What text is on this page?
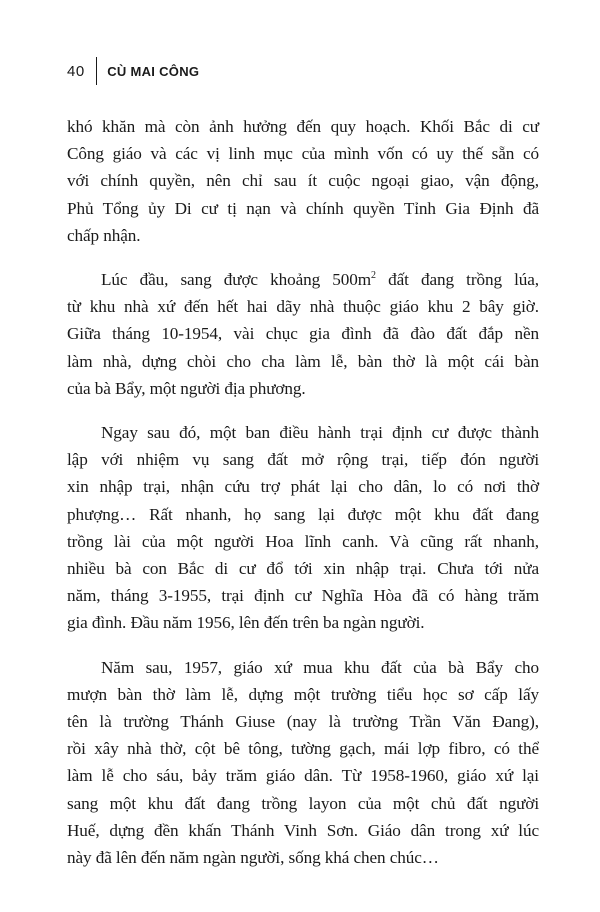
40 CÙ MAI CÔNG
khó khăn mà còn ảnh hưởng đến quy hoạch. Khối Bắc di cư
Công giáo và các vị linh mục của mình vốn có uy thế sẵn có
với chính quyền, nên chỉ sau ít cuộc ngoại giao, vận động,
Phủ Tổng ủy Di cư tị nạn và chính quyền Tỉnh Gia Định đã
chấp nhận.
Lúc đầu, sang được khoảng $500m^2$ đất đang trồng lúa,
từ khu nhà xứ đến hết hai dãy nhà thuộc giáo khu 2 bây giờ.
Giữa tháng 10-1954, vài chục gia đình đã đào đất đắp nền
làm nhà, dựng chòi cho cha làm lễ, bàn thờ là một cái bàn
của bà Bẩy, một người địa phương.
Ngay sau đó, một ban điều hành trại định cư được thành
lập với nhiệm vụ sang đất mở rộng trại, tiếp đón người
xin nhập trại, nhận cứu trợ phát lại cho dân, lo có nơi thờ
phượng… Rất nhanh, họ sang lại được một khu đất đang
trồng lài của một người Hoa lĩnh canh. Và cũng rất nhanh,
nhiều bà con Bắc di cư đổ tới xin nhập trại. Chưa tới nửa
năm, tháng 3-1955, trại định cư Nghĩa Hòa đã có hàng trăm
gia đình. Đầu năm 1956, lên đến trên ba ngàn người.
Năm sau, 1957, giáo xứ mua khu đất của bà Bẩy cho
mượn bàn thờ làm lễ, dựng một trường tiểu học sơ cấp lấy
tên là trường Thánh Giuse (nay là trường Trần Văn Đang),
rồi xây nhà thờ, cột bê tông, tường gạch, mái lợp fibro, có thể
làm lễ cho sáu, bảy trăm giáo dân. Từ 1958-1960, giáo xứ lại
sang một khu đất đang trồng layon của một chủ đất người
Huế, dựng đền khấn Thánh Vinh Sơn. Giáo dân trong xứ lúc
này đã lên đến năm ngàn người, sống khá chen chúc…
